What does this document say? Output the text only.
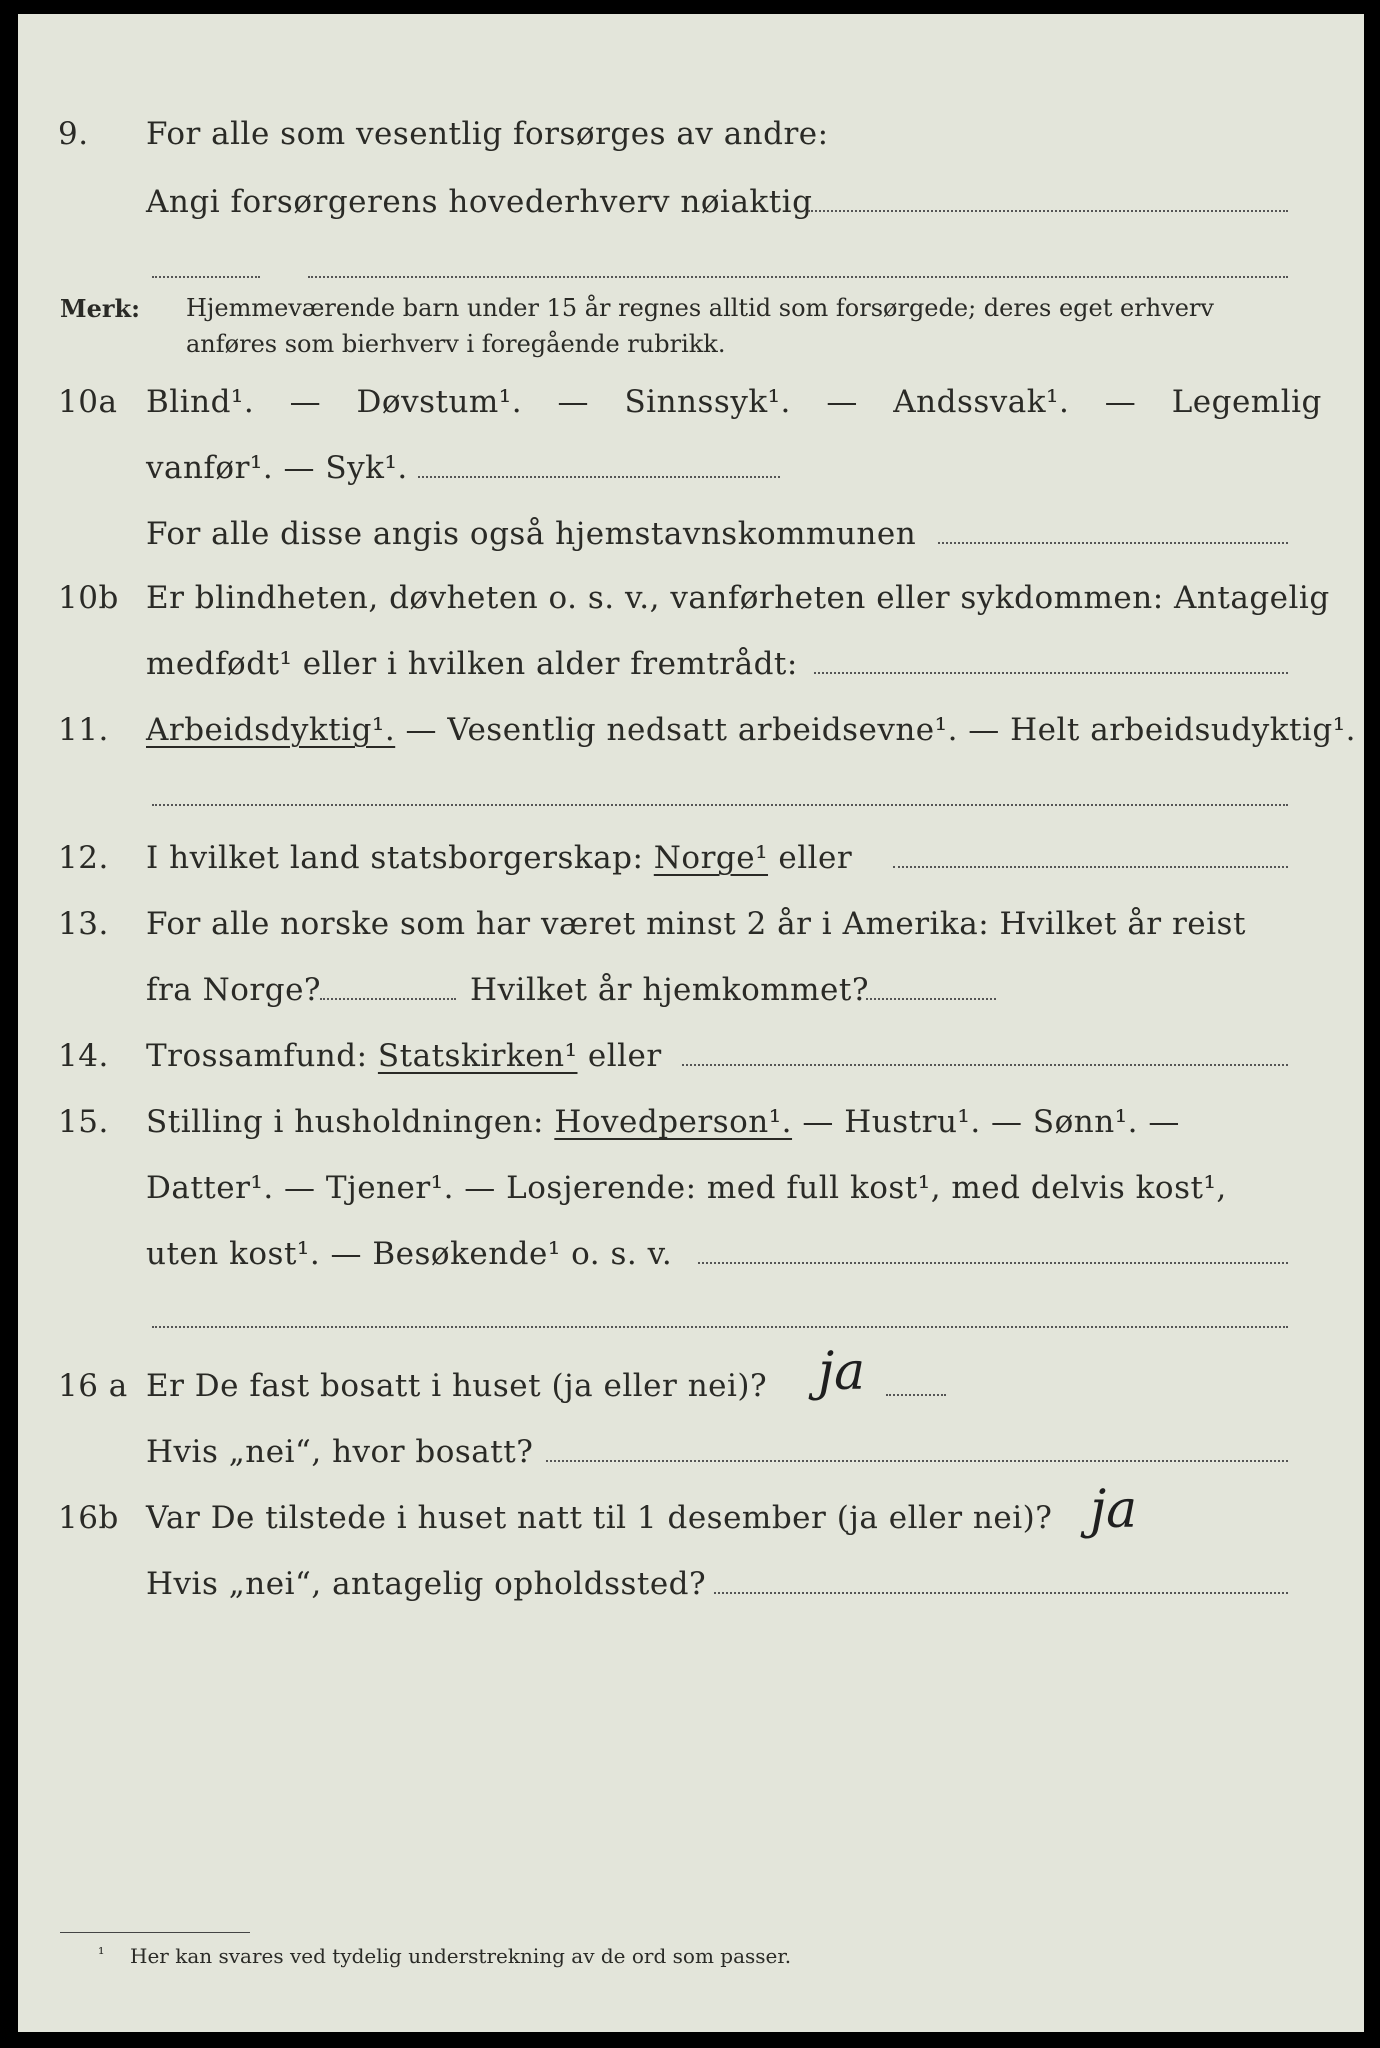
9.	For alle som vesentlig forsørges av andre:
Angi forsørgerens hovederhverv nøiaktig
Merk: Hjemmeværende barn under 15 år regnes alltid som forsørgede; deres eget erhverv
anføres som bierhverv i foregående rubrikk.
10a Blind¹. — Døvstum¹. — Sinnssyk¹. — Andssvak¹. — Legemlig
vanfør¹. — Syk¹.
For alle disse angis også hjemstavnskommunen
10b Er blindheten, døvheten o. s. v., vanførheten eller sykdommen: Antagelig
medfødt¹ eller i hvilken alder fremtrådt:
11.	Arbeidsdyktig¹. — Vesentlig nedsatt arbeidsevne¹. — Helt arbeidsudyktig¹.
12.	I hvilket land statsborgerskap: Norge¹ eller
13.	For alle norske som har været minst 2 år i Amerika: Hvilket år reist
fra Norge?	Hvilket år hjemkommet?
14.	Trossamfund: Statskirken¹ eller
15.	Stilling i husholdningen: Hovedperson¹. — Hustru¹. — Sønn¹. —
Datter¹. — Tjener¹. — Losjerende: med full kost¹, med delvis kost¹,
uten kost¹. — Besøkende¹ o. s. v.
16 a Er De fast bosatt i huset (ja eller nei)? ja
Hvis „nei“, hvor bosatt?
16b Var De tilstede i huset natt til 1 desember (ja eller nei)? ja
Hvis „nei“, antagelig opholdssted?
¹ Her kan svares ved tydelig understrekning av de ord som passer.
